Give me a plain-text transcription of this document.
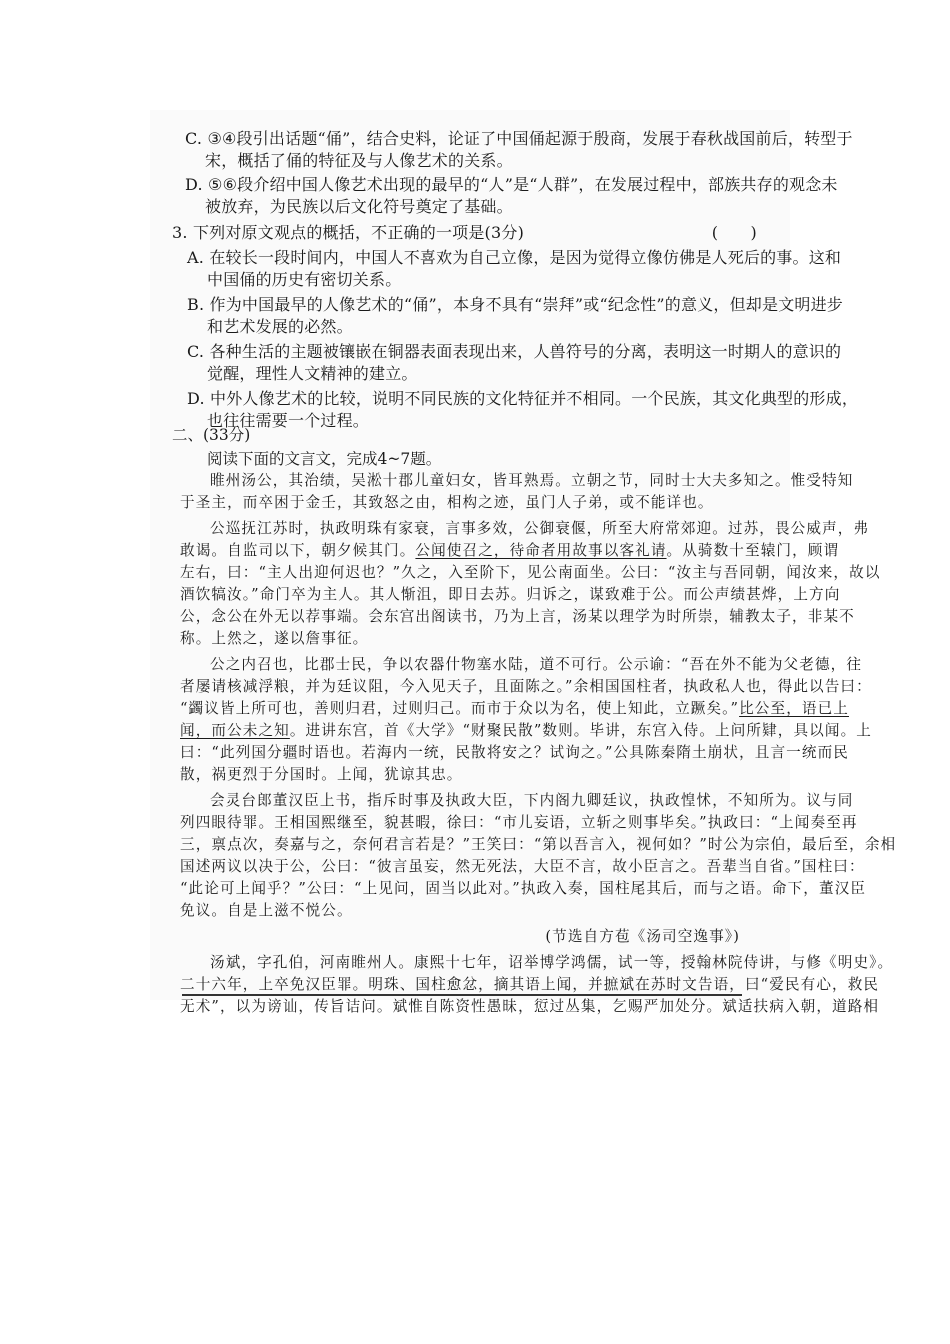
C. ③④段引出话题“俑”，结合史料，论证了中国俑起源于殷商，发展于春秋战国前后，转型于
宋，概括了俑的特征及与人像艺术的关系。
D. ⑤⑥段介绍中国人像艺术出现的最早的“人”是“人群”，在发展过程中，部族共存的观念未
被放弃，为民族以后文化符号奠定了基础。
3. 下列对原文观点的概括，不正确的一项是(3分)	(　　)
A. 在较长一段时间内，中国人不喜欢为自己立像，是因为觉得立像仿佛是人死后的事。这和
中国俑的历史有密切关系。
B. 作为中国最早的人像艺术的“俑”，本身不具有“崇拜”或“纪念性”的意义，但却是文明进步
和艺术发展的必然。
C. 各种生活的主题被镶嵌在铜器表面表现出来，人兽符号的分离，表明这一时期人的意识的
觉醒，理性人文精神的建立。
D. 中外人像艺术的比较，说明不同民族的文化特征并不相同。一个民族，其文化典型的形成，
也往往需要一个过程。
二、(33分)
阅读下面的文言文，完成4~7题。
睢州汤公，其治绩，吴淞十郡儿童妇女，皆耳熟焉。立朝之节，同时士大夫多知之。惟受特知
于圣主，而卒困于金壬，其致怒之由，相构之迹，虽门人子弟，或不能详也。
公巡抚江苏时，执政明珠有家衰，言事多效，公御衰偃，所至大府常郊迎。过苏，畏公威声，弗
敢谒。自监司以下，朝夕候其门。公闻使召之，待命者用故事以客礼请。从骑数十至辕门，顾谓
左右，曰：“主人出迎何迟也？”久之，入至阶下，见公南面坐。公曰：“汝主与吾同朝，闻汝来，故以
酒饮犒汝。”命门卒为主人。其人惭沮，即日去苏。归诉之，谋致难于公。而公声绩甚烨，上方向
公，念公在外无以荐事端。会东宫出阁读书，乃为上言，汤某以理学为时所崇，辅教太子，非某不
称。上然之，遂以詹事征。
公之内召也，比郡士民，争以农器什物塞水陆，道不可行。公示谕：“吾在外不能为父老德，往
者屡请核减浮粮，并为廷议阻，今入见天子，且面陈之。”余相国国柱者，执政私人也，得此以告曰：
“蠲议皆上所可也，善则归君，过则归己。而市于众以为名，使上知此，立蹶矣。”比公至，语已上
闻，而公未之知。进讲东宫，首《大学》“财聚民散”数则。毕讲，东宫入侍。上问所肄，具以闻。上
曰：“此列国分疆时语也。若海内一统，民散将安之？试询之。”公具陈秦隋土崩状，且言一统而民
散，祸更烈于分国时。上闻，犹谅其忠。
会灵台郎董汉臣上书，指斥时事及执政大臣，下内阁九卿廷议，执政惶怵，不知所为。议与同
列四眼待罪。王相国熙继至，貌甚暇，徐曰：“市儿妄语，立斩之则事毕矣。”执政曰：“上闻奏至再
三，禀点次，奏嘉与之，奈何君言若是？”王笑曰：“第以吾言入，视何如？”时公为宗伯，最后至，余相
国述两议以决于公，公曰：“彼言虽妄，然无死法，大臣不言，故小臣言之。吾辈当自省。”国柱曰：
“此论可上闻乎？”公曰：“上见问，固当以此对。”执政入奏，国柱尾其后，而与之语。命下，董汉臣
免议。自是上滋不悦公。
(节选自方苞《汤司空逸事》)
汤斌，字孔伯，河南睢州人。康熙十七年，诏举博学鸿儒，试一等，授翰林院侍讲，与修《明史》。
二十六年，上卒免汉臣罪。明珠、国柱愈忿，摘其语上闻，并摭斌在苏时文告语，曰“爱民有心，救民
无术”，以为谤讪，传旨诘问。斌惟自陈资性愚昧，愆过丛集，乞赐严加处分。斌适扶病入朝，道路相
